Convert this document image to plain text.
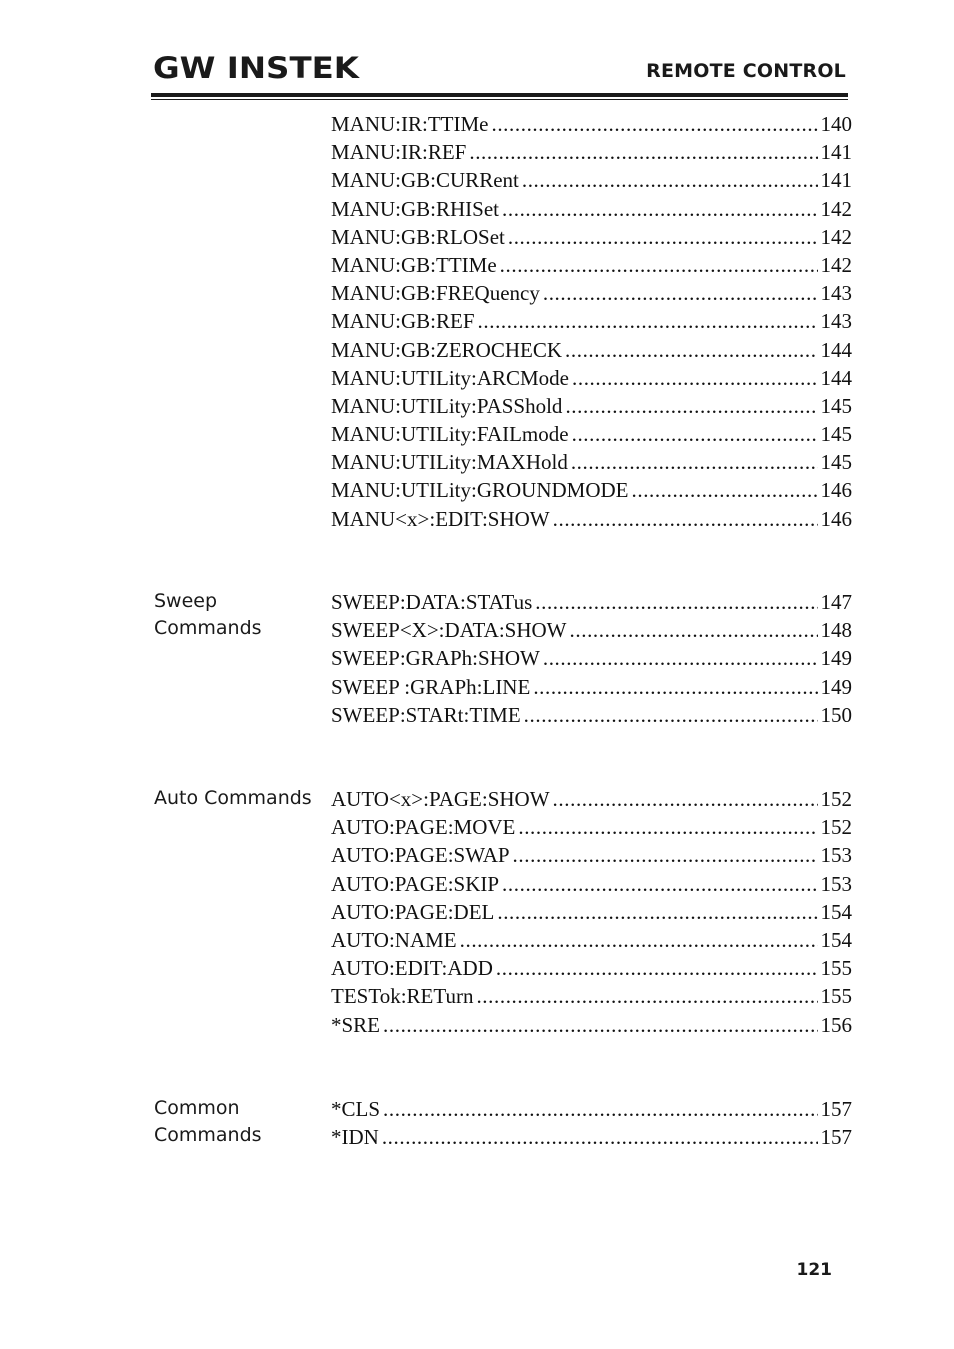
GW INSTEK	REMOTE CONTROL
MANU:IR:TTIMe .....	140
MANU:IR:REF .....	141
MANU:GB:CURRent .....	141
MANU:GB:RHISet .....	142
MANU:GB:RLOSet .....	142
MANU:GB:TTIMe .....	142
MANU:GB:FREQuency .....	143
MANU:GB:REF .....	143
MANU:GB:ZEROCHECK .....	144
MANU:UTILity:ARCMode .....	144
MANU:UTILity:PASShold .....	145
MANU:UTILity:FAILmode .....	145
MANU:UTILity:MAXHold .....	145
MANU:UTILity:GROUNDMODE .....	146
MANU<x>:EDIT:SHOW .....	146
Sweep
Commands
SWEEP:DATA:STATus .....	147
SWEEP<X>:DATA:SHOW .....	148
SWEEP:GRAPh:SHOW .....	149
SWEEP :GRAPh:LINE .....	149
SWEEP:STARt:TIME .....	150
Auto Commands AUTO<x>:PAGE:SHOW .....	152
AUTO:PAGE:MOVE .....	152
AUTO:PAGE:SWAP .....	153
AUTO:PAGE:SKIP .....	153
AUTO:PAGE:DEL .....	154
AUTO:NAME .....	154
AUTO:EDIT:ADD .....	155
TESTok:RETurn .....	155
*SRE .....	156
Common
Commands
*CLS .....	157
*IDN .....	157
121
